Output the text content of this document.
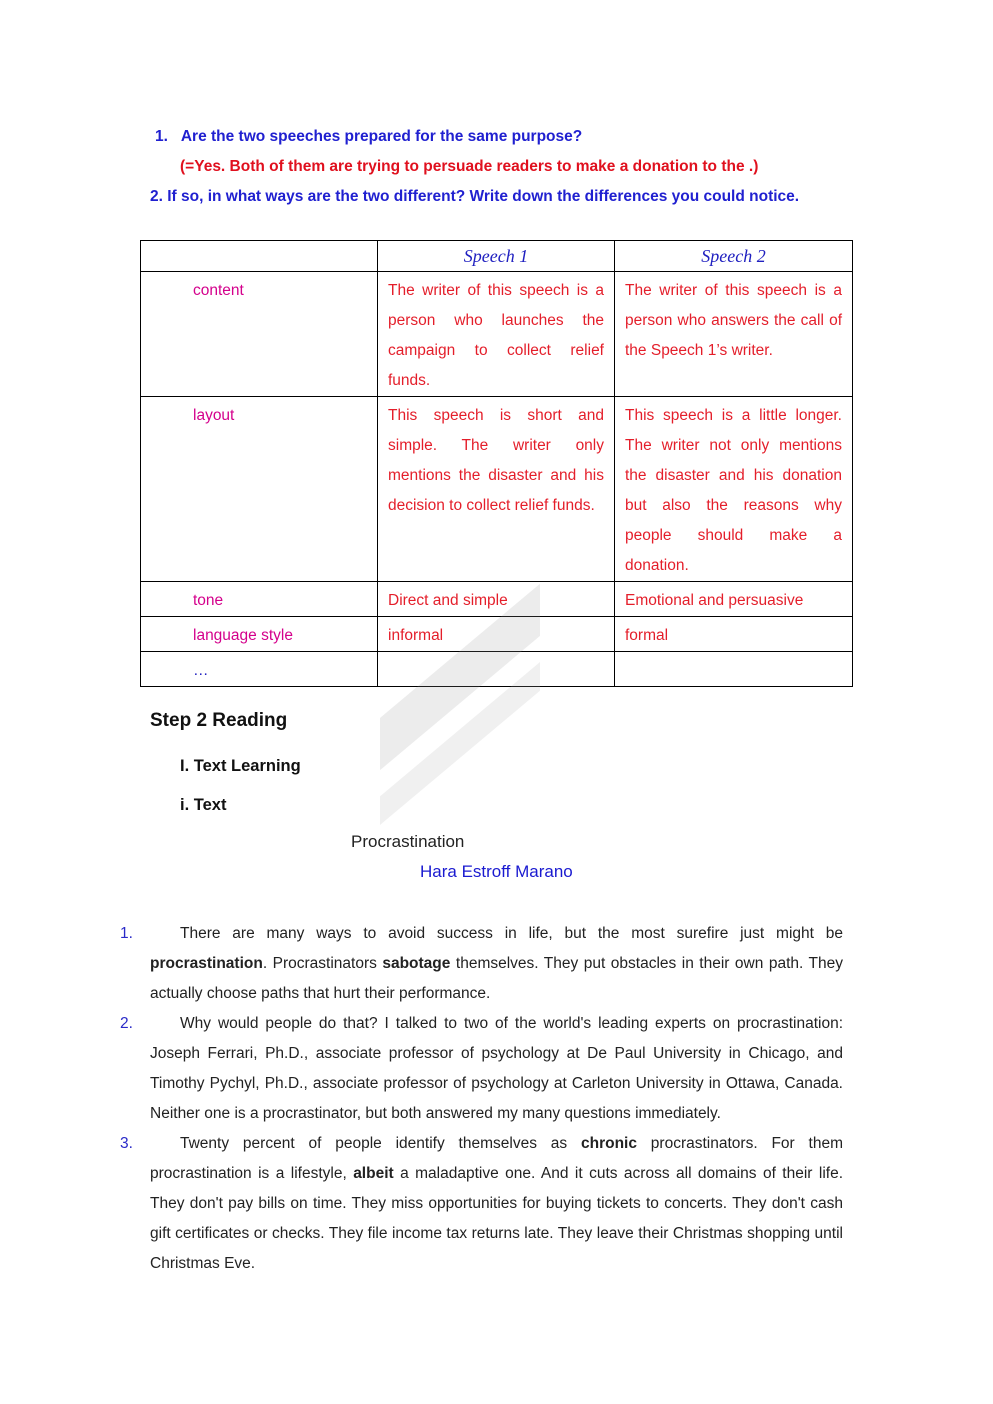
1.   Are the two speeches prepared for the same purpose?
(=Yes. Both of them are trying to persuade readers to make a donation to the .)
2. If so, in what ways are the two different? Write down the differences you could notice.
	Speech 1	Speech 2
content	The writer of this speech is a person who launches the campaign to collect relief funds.	The writer of this speech is a person who answers the call of the Speech 1’s writer.
layout	This speech is short and simple. The writer only mentions the disaster and his decision to collect relief funds.	This speech is a little longer. The writer not only mentions the disaster and his donation but also the reasons why people should make a donation.
tone	Direct and simple	Emotional and persuasive
language style	informal	formal
…		
Step 2 Reading
I. Text Learning
i. Text
Procrastination
Hara Estroff Marano
1.	There are many ways to avoid success in life, but the most surefire just might be procrastination. Procrastinators sabotage themselves. They put obstacles in their own path. They actually choose paths that hurt their performance.
2.	Why would people do that? I talked to two of the world's leading experts on procrastination: Joseph Ferrari, Ph.D., associate professor of psychology at De Paul University in Chicago, and Timothy Pychyl, Ph.D., associate professor of psychology at Carleton University in Ottawa, Canada. Neither one is a procrastinator, but both answered my many questions immediately.
3.	Twenty percent of people identify themselves as chronic procrastinators. For them procrastination is a lifestyle, albeit a maladaptive one. And it cuts across all domains of their life. They don't pay bills on time. They miss opportunities for buying tickets to concerts. They don't cash gift certificates or checks. They file income tax returns late. They leave their Christmas shopping until Christmas Eve.
